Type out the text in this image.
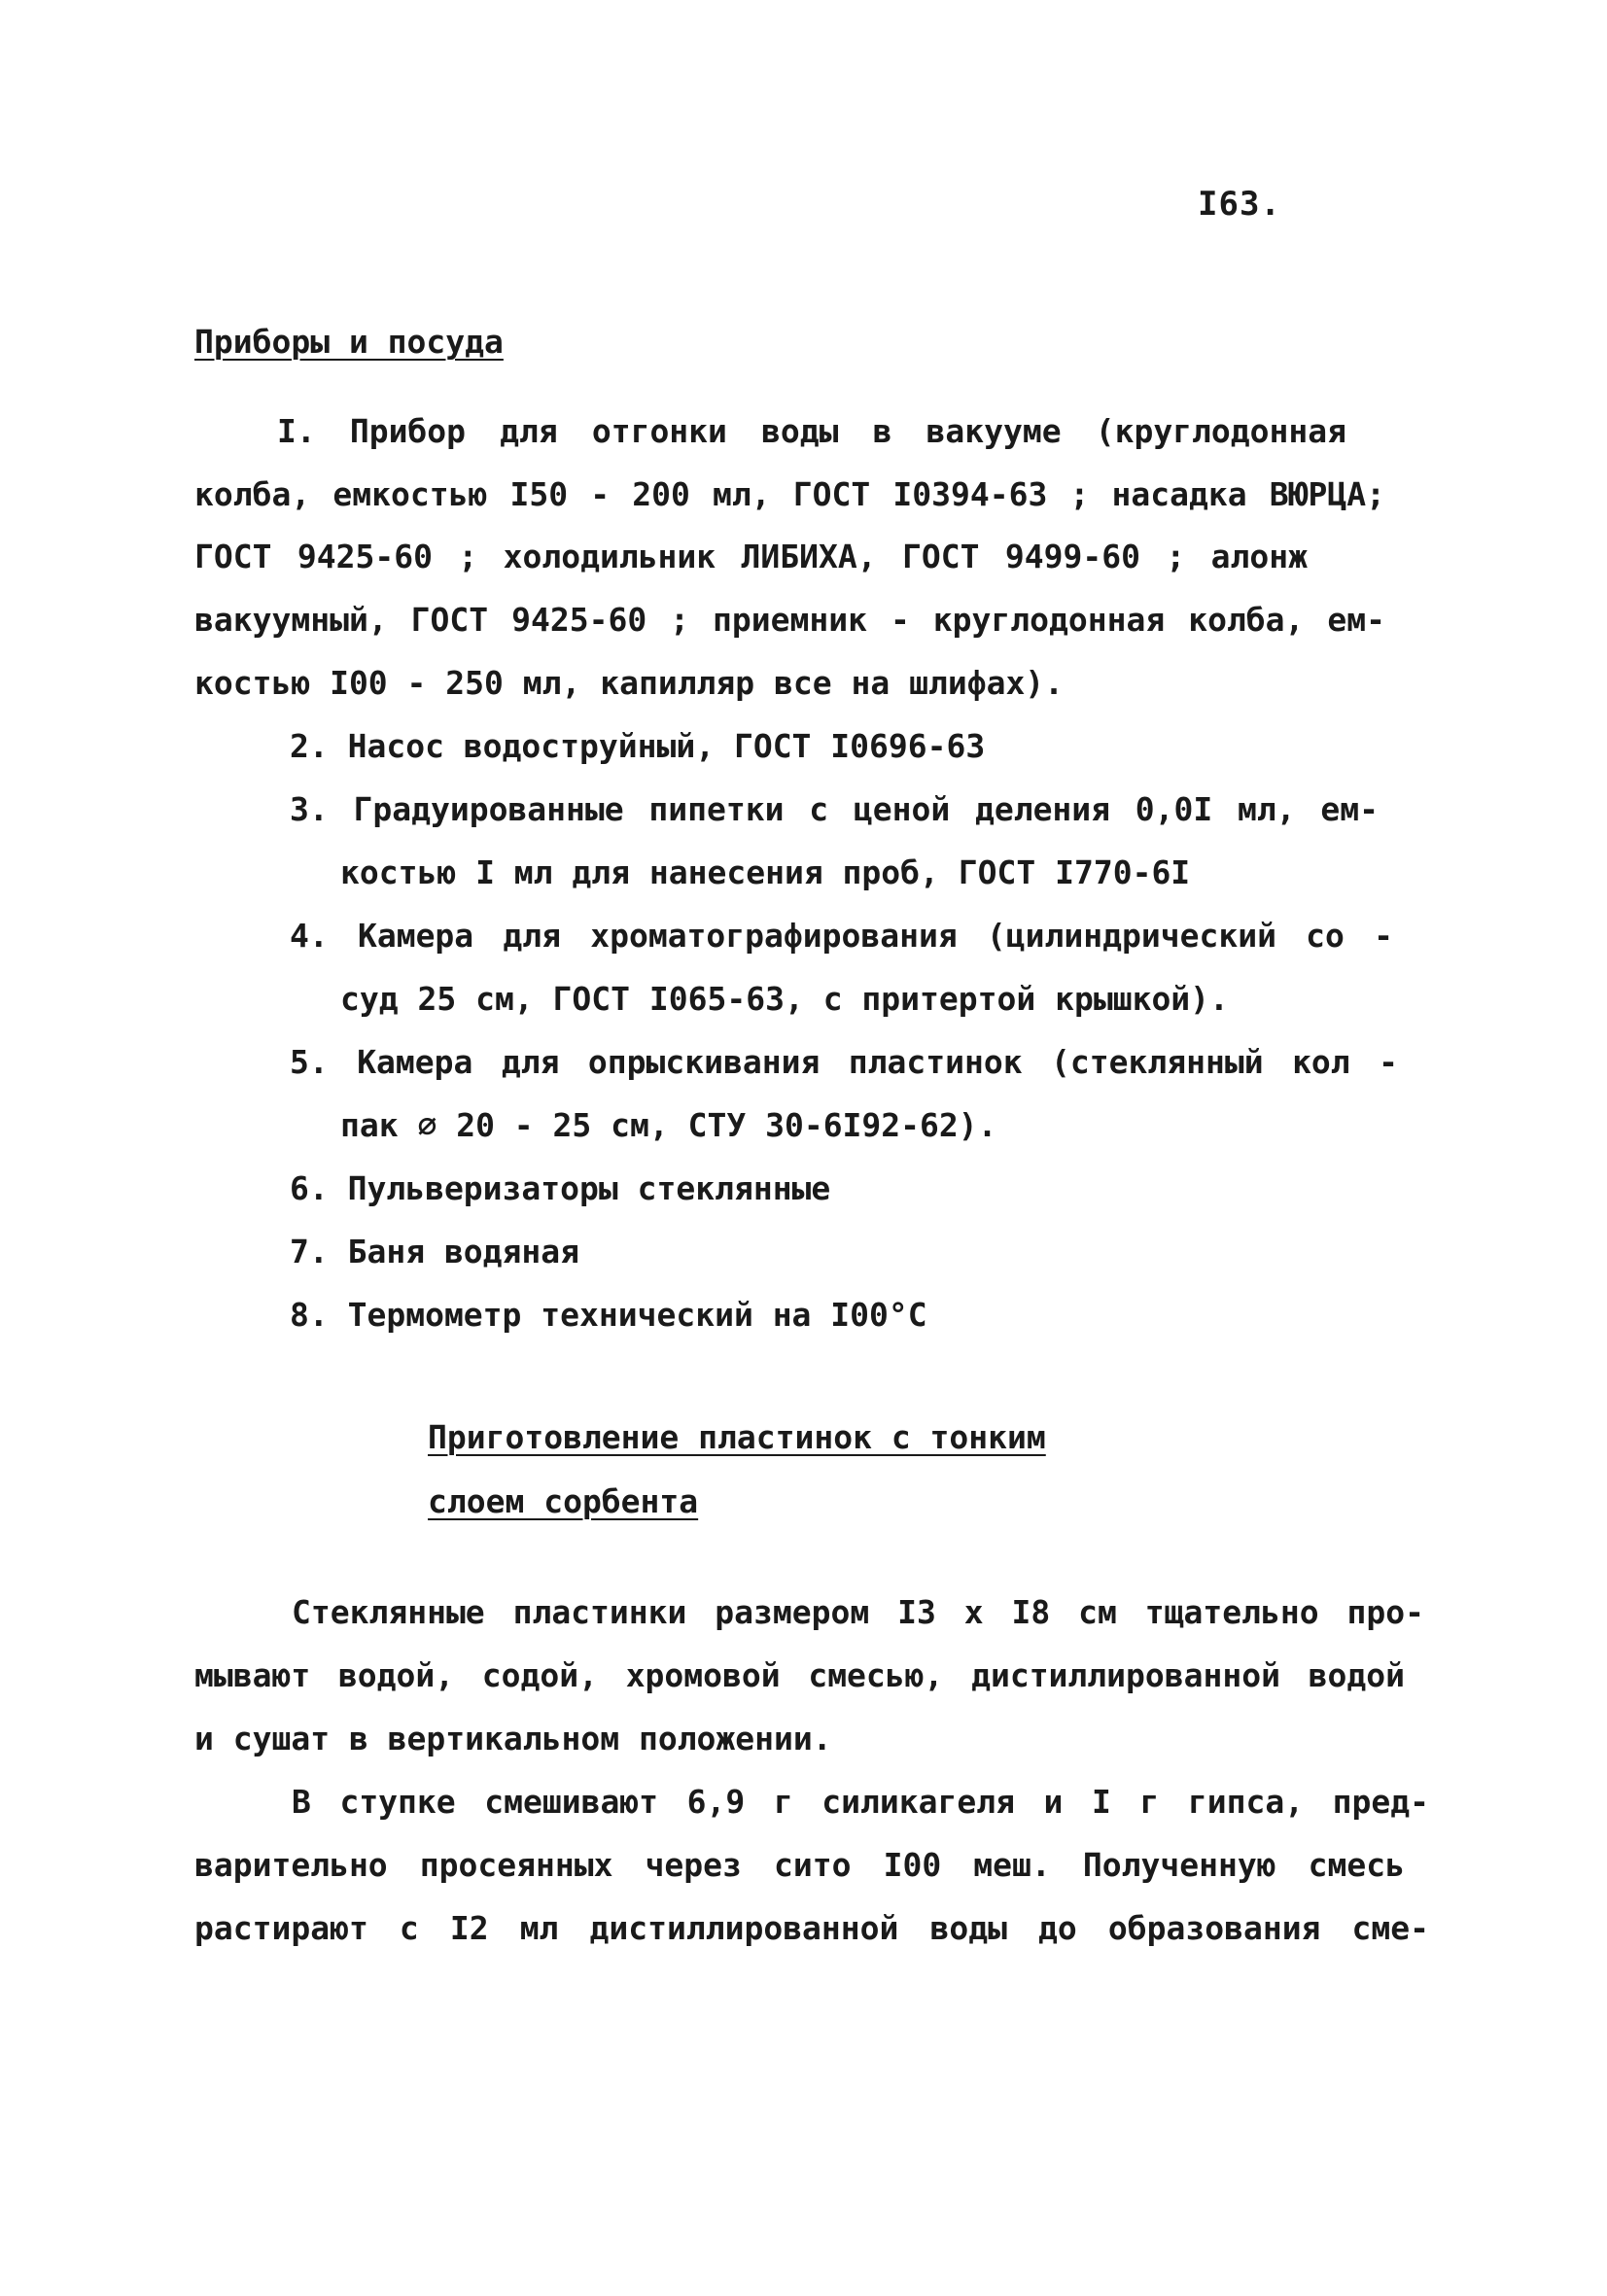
I63.
Приборы и посуда
I. Прибор для отгонки воды в вакууме (круглодонная
колба, емкостью I50 - 200 мл, ГОСТ I0394-63 ; насадка ВЮРЦА;
ГОСТ 9425-60 ; холодильник ЛИБИХА, ГОСТ 9499-60 ; алонж
вакуумный, ГОСТ 9425-60 ; приемник - круглодонная колба, ем-
костью I00 - 250 мл, капилляр все на шлифах).
2. Насос водоструйный, ГОСТ I0696-63
3. Градуированные пипетки с ценой деления 0,0I мл, ем-
костью I мл для нанесения проб, ГОСТ I770-6I
4. Камера для хроматографирования (цилиндрический со -
суд 25 см, ГОСТ I065-63, с притертой крышкой).
5. Камера для опрыскивания пластинок (стеклянный кол -
пак ∅ 20 - 25 см, СТУ 30-6I92-62).
6. Пульверизаторы стеклянные
7. Баня водяная
8. Термометр технический на I00°С
Приготовление пластинок с тонким
слоем сорбента
Стеклянные пластинки размером I3 х I8 см тщательно про-
мывают водой, содой, хромовой смесью, дистиллированной водой
и сушат в вертикальном положении.
В ступке смешивают 6,9 г силикагеля и I г гипса, пред-
варительно просеянных через сито I00 меш. Полученную смесь
растирают с I2 мл дистиллированной воды до образования сме-
